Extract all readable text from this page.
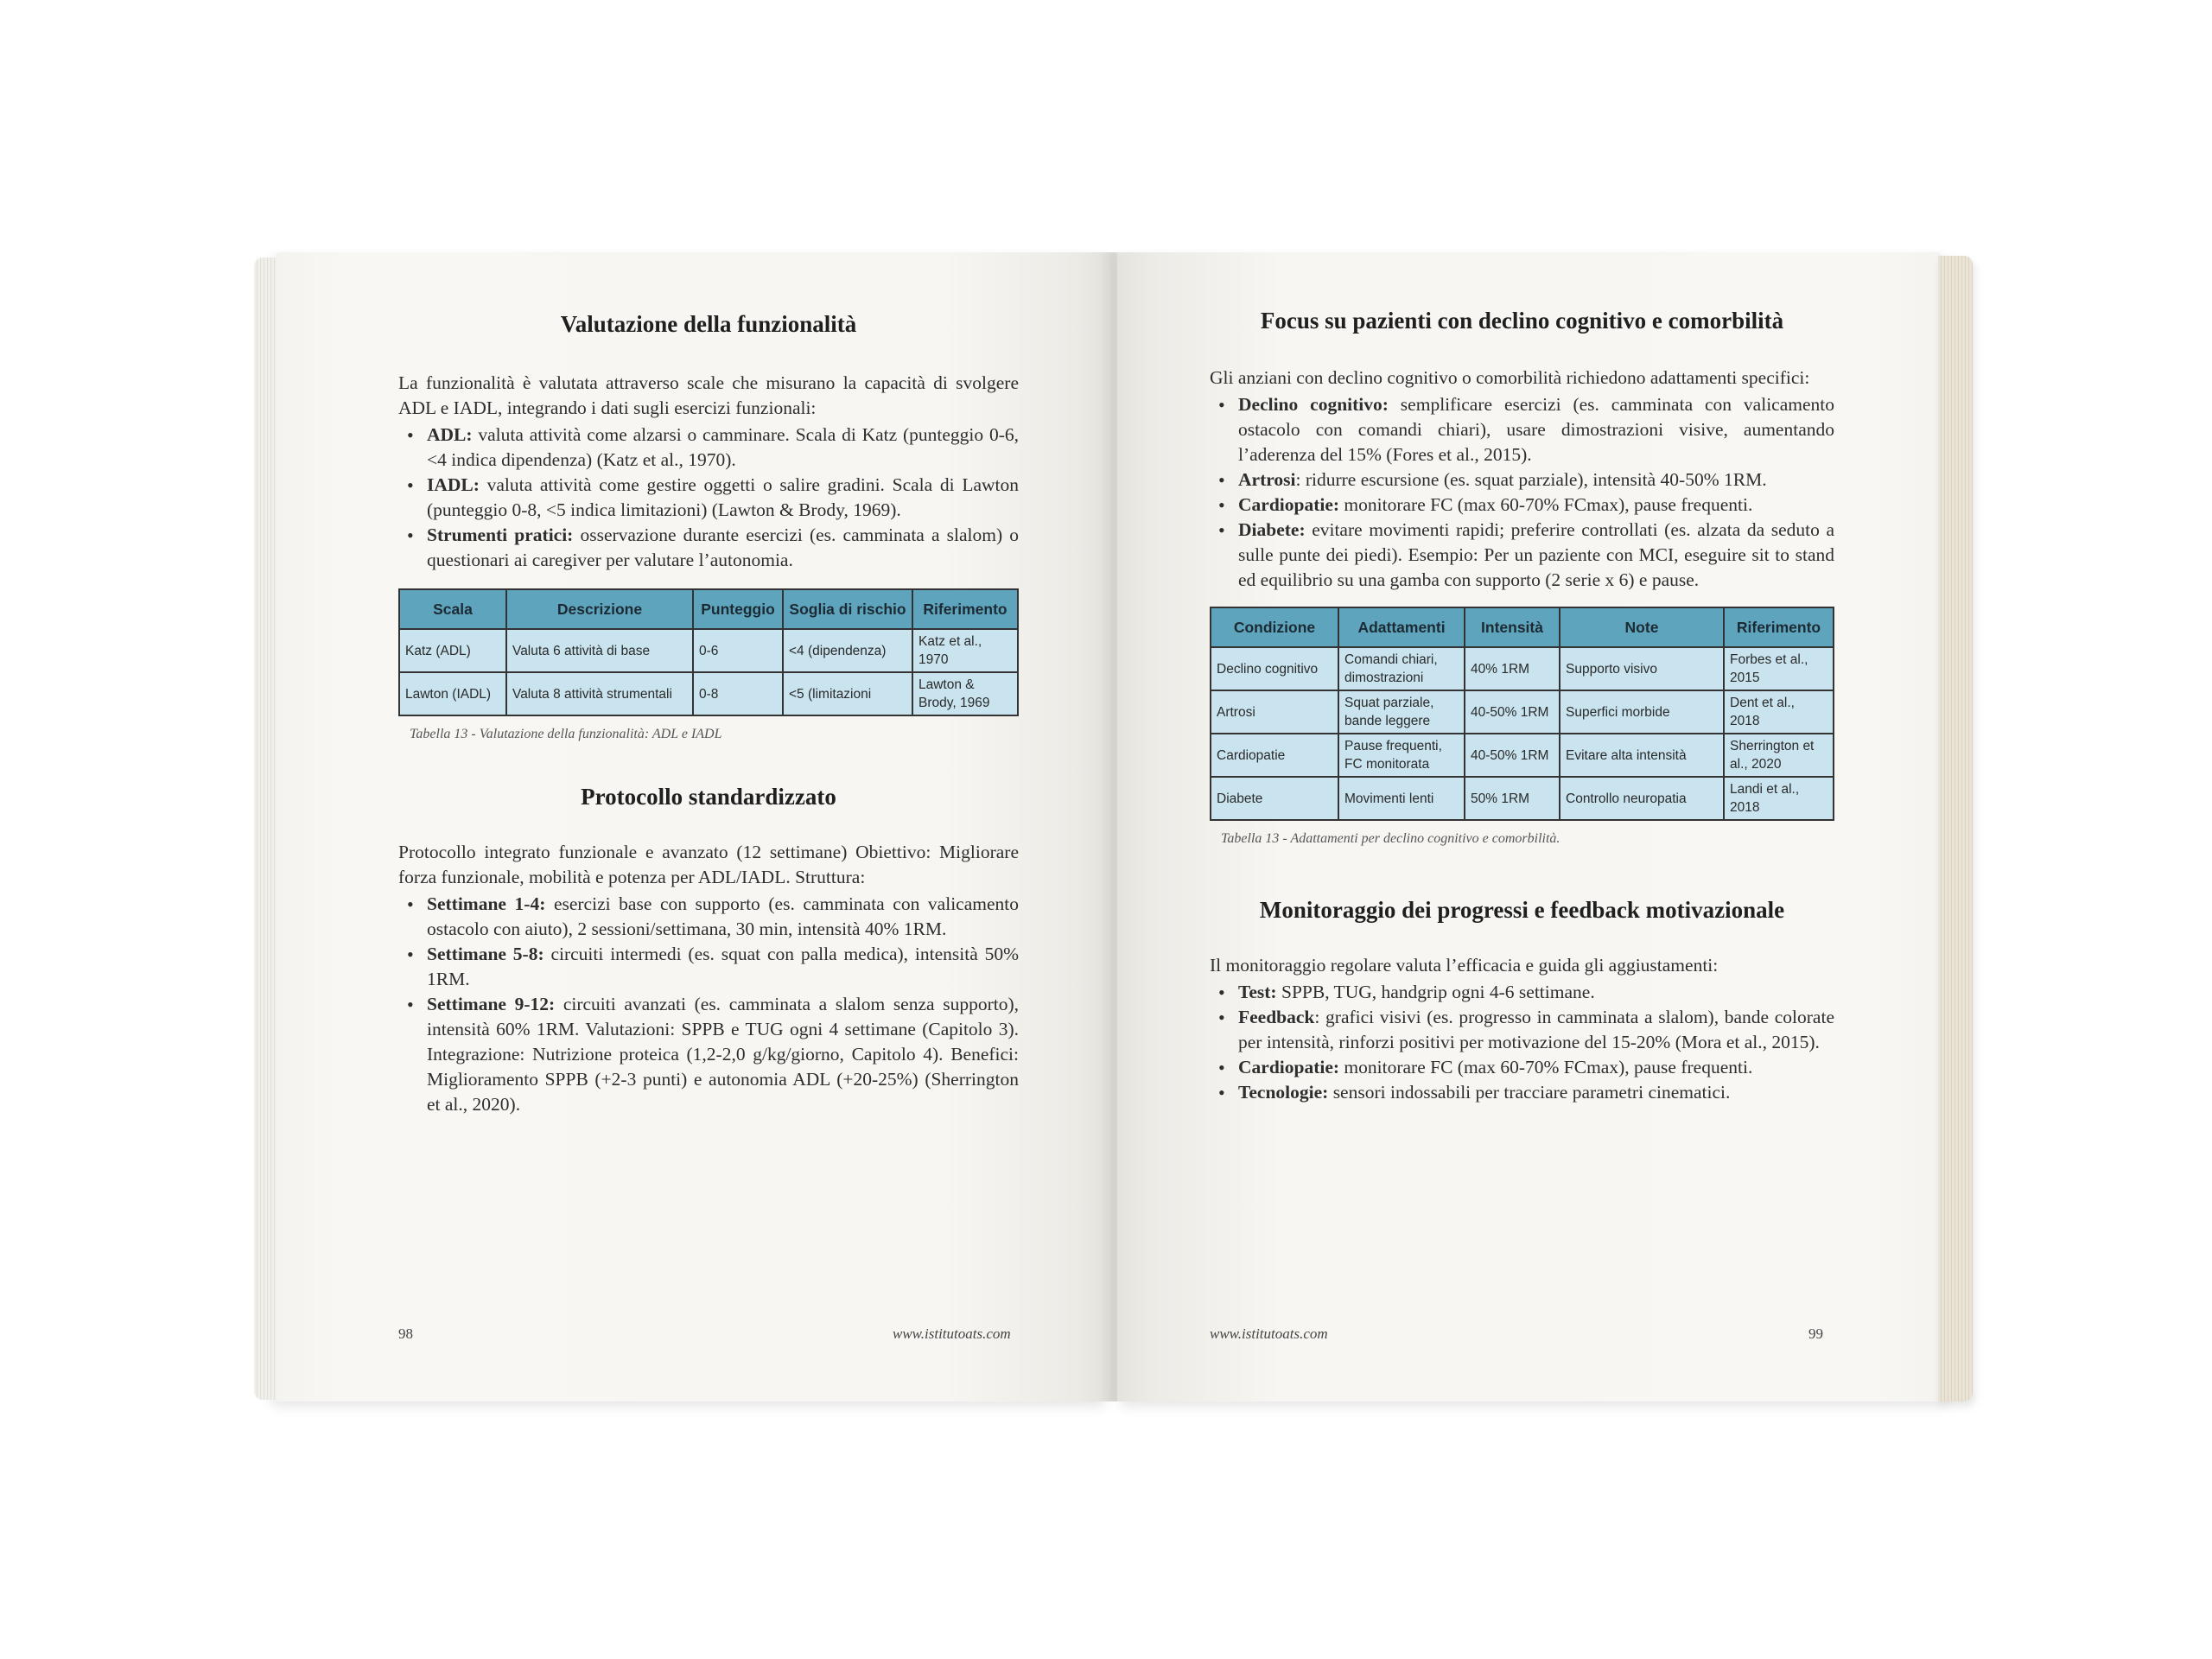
Valutazione della funzionalità

La funzionalità è valutata attraverso scale che misurano la capacità di svolgere ADL e IADL, integrando i dati sugli esercizi funzionali:

• ADL: valuta attività come alzarsi o camminare. Scala di Katz (punteggio 0-6, <4 indica dipendenza) (Katz et al., 1970).
• IADL: valuta attività come gestire oggetti o salire gradini. Scala di Lawton (punteggio 0-8, <5 indica limitazioni) (Lawton & Brody, 1969).
• Strumenti pratici: osservazione durante esercizi (es. camminata a slalom) o questionari ai caregiver per valutare l’autonomia.
Scala	Descrizione	Punteggio	Soglia di rischio	Riferimento
Katz (ADL)	Valuta 6 attività di base	0-6	<4 (dipendenza)	Katz et al., 1970
Lawton (IADL)	Valuta 8 attività strumentali	0-8	<5 (limitazioni	Lawton & Brody, 1969
Tabella 13 - Valutazione della funzionalità: ADL e IADL
Protocollo standardizzato

Protocollo integrato funzionale e avanzato (12 settimane) Obiettivo: Migliorare forza funzionale, mobilità e potenza per ADL/IADL. Struttura:

• Settimane 1-4: esercizi base con supporto (es. camminata con valicamento ostacolo con aiuto), 2 sessioni/settimana, 30 min, intensità 40% 1RM.
• Settimane 5-8: circuiti intermedi (es. squat con palla medica), intensità 50% 1RM.
• Settimane 9-12: circuiti avanzati (es. camminata a slalom senza supporto), intensità 60% 1RM. Valutazioni: SPPB e TUG ogni 4 settimane (Capitolo 3). Integrazione: Nutrizione proteica (1,2-2,0 g/kg/giorno, Capitolo 4). Benefici: Miglioramento SPPB (+2-3 punti) e autonomia ADL (+20-25%) (Sherrington et al., 2020).
98	www.istitutoats.com
Focus su pazienti con declino cognitivo e comorbilità

Gli anziani con declino cognitivo o comorbilità richiedono adattamenti specifici:

• Declino cognitivo: semplificare esercizi (es. camminata con valicamento ostacolo con comandi chiari), usare dimostrazioni visive, aumentando l’aderenza del 15% (Fores et al., 2015).
• Artrosi: ridurre escursione (es. squat parziale), intensità 40-50% 1RM.
• Cardiopatie: monitorare FC (max 60-70% FCmax), pause frequenti.
• Diabete: evitare movimenti rapidi; preferire controllati (es. alzata da seduto a sulle punte dei piedi). Esempio: Per un paziente con MCI, eseguire sit to stand ed equilibrio su una gamba con supporto (2 serie x 6) e pause.
Condizione	Adattamenti	Intensità	Note	Riferimento
Declino cognitivo	Comandi chiari, dimostrazioni	40% 1RM	Supporto visivo	Forbes et al., 2015
Artrosi	Squat parziale, bande leggere	40-50% 1RM	Superfici morbide	Dent et al., 2018
Cardiopatie	Pause frequenti, FC monitorata	40-50% 1RM	Evitare alta intensità	Sherrington et al., 2020
Diabete	Movimenti lenti	50% 1RM	Controllo neuropatia	Landi et al., 2018
Tabella 13 - Adattamenti per declino cognitivo e comorbilità.
Monitoraggio dei progressi e feedback motivazionale

Il monitoraggio regolare valuta l’efficacia e guida gli aggiustamenti:

• Test: SPPB, TUG, handgrip ogni 4-6 settimane.
• Feedback: grafici visivi (es. progresso in camminata a slalom), bande colorate per intensità, rinforzi positivi per motivazione del 15-20% (Mora et al., 2015).
• Cardiopatie: monitorare FC (max 60-70% FCmax), pause frequenti.
• Tecnologie: sensori indossabili per tracciare parametri cinematici.
www.istitutoats.com	99
